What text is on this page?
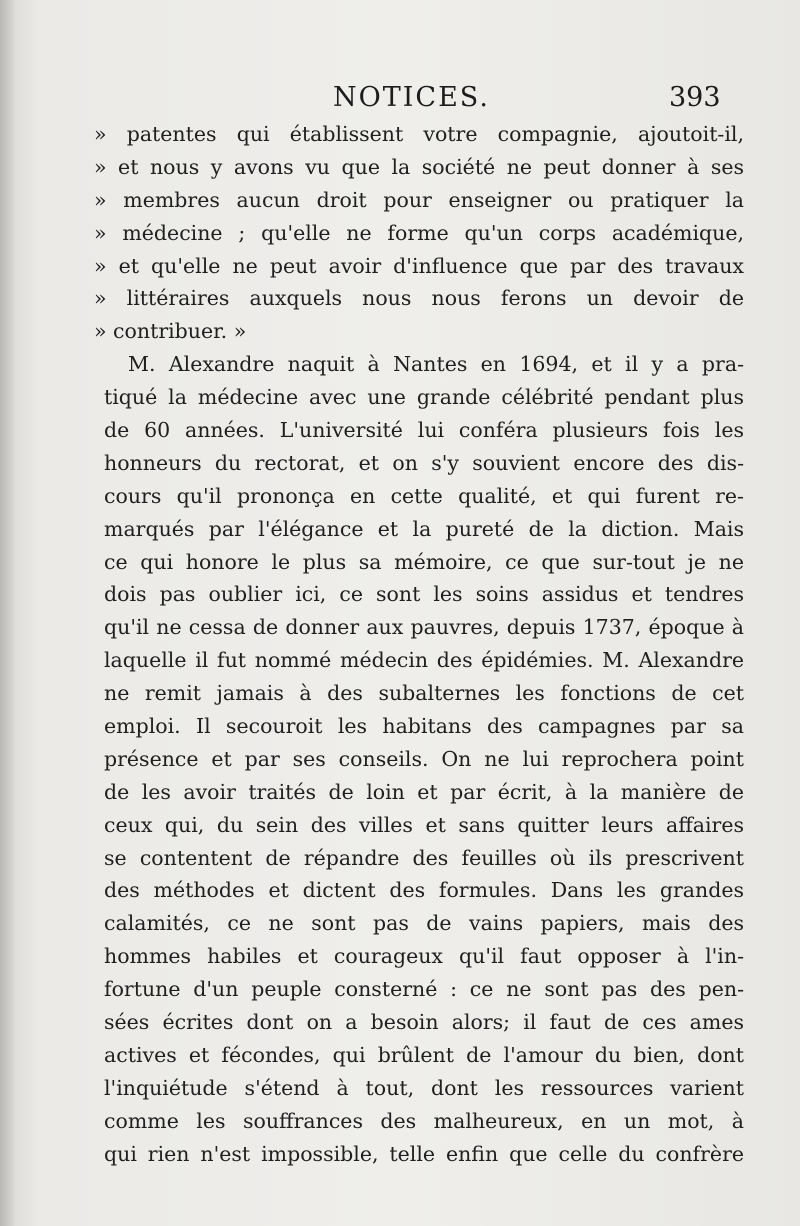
NOTICES.	393
» patentes qui établissent votre compagnie, ajoutoit-il,
» et nous y avons vu que la société ne peut donner à ses
» membres aucun droit pour enseigner ou pratiquer la
» médecine ; qu'elle ne forme qu'un corps académique,
» et qu'elle ne peut avoir d'influence que par des travaux
» littéraires auxquels nous nous ferons un devoir de
» contribuer. »
M. Alexandre naquit à Nantes en 1694, et il y a pra-
tiqué la médecine avec une grande célébrité pendant plus
de 60 années. L'université lui conféra plusieurs fois les
honneurs du rectorat, et on s'y souvient encore des dis-
cours qu'il prononça en cette qualité, et qui furent re-
marqués par l'élégance et la pureté de la diction. Mais
ce qui honore le plus sa mémoire, ce que sur-tout je ne
dois pas oublier ici, ce sont les soins assidus et tendres
qu'il ne cessa de donner aux pauvres, depuis 1737, époque à
laquelle il fut nommé médecin des épidémies. M. Alexandre
ne remit jamais à des subalternes les fonctions de cet
emploi. Il secouroit les habitans des campagnes par sa
présence et par ses conseils. On ne lui reprochera point
de les avoir traités de loin et par écrit, à la manière de
ceux qui, du sein des villes et sans quitter leurs affaires
se contentent de répandre des feuilles où ils prescrivent
des méthodes et dictent des formules. Dans les grandes
calamités, ce ne sont pas de vains papiers, mais des
hommes habiles et courageux qu'il faut opposer à l'in-
fortune d'un peuple consterné : ce ne sont pas des pen-
sées écrites dont on a besoin alors; il faut de ces ames
actives et fécondes, qui brûlent de l'amour du bien, dont
l'inquiétude s'étend à tout, dont les ressources varient
comme les souffrances des malheureux, en un mot, à
qui rien n'est impossible, telle enfin que celle du confrère
